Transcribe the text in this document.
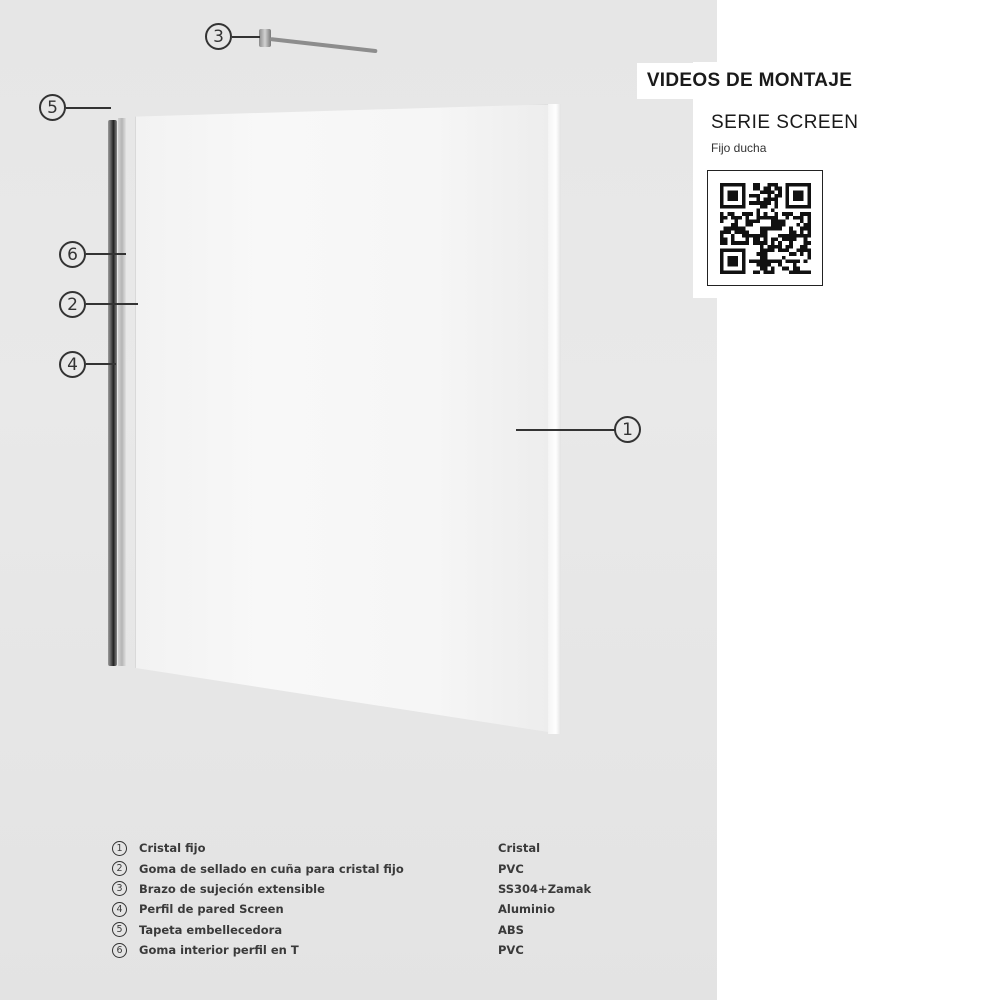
3
5
6
2
4
1
1	Cristal fijo	Cristal
2	Goma de sellado en cuña para cristal fijo	PVC
3	Brazo de sujeción extensible	SS304+Zamak
4	Perfil de pared Screen	Aluminio
5	Tapeta embellecedora	ABS
6	Goma interior perfil en T	PVC
VIDEOS DE MONTAJE
SERIE SCREEN
Fijo ducha
